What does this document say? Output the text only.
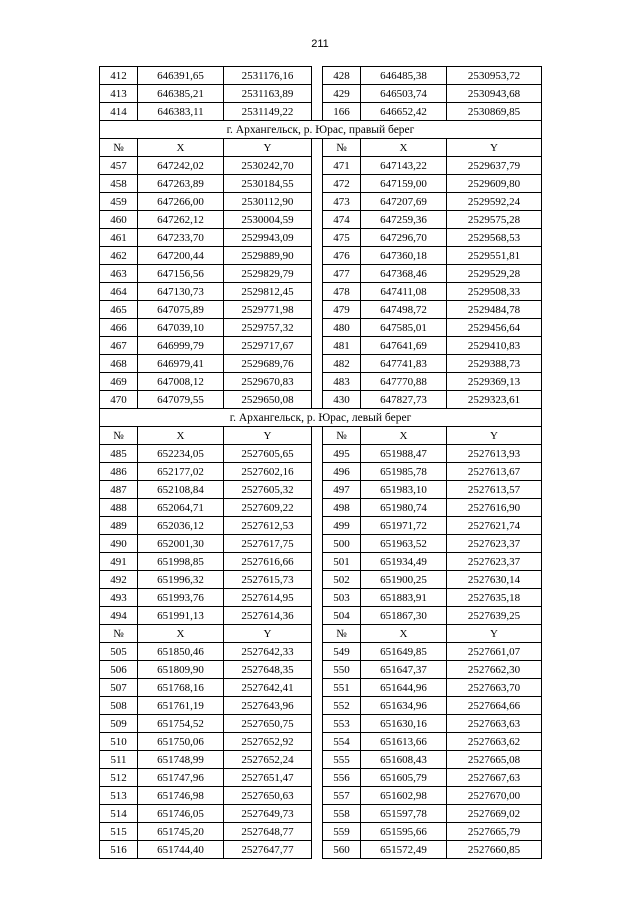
211
412	646391,65	2531176,16		428	646485,38	2530953,72
413	646385,21	2531163,89		429	646503,74	2530943,68
414	646383,11	2531149,22		166	646652,42	2530869,85
г. Архангельск, р. Юрас, правый берег						
№	X	Y		№	X	Y
457	647242,02	2530242,70		471	647143,22	2529637,79
458	647263,89	2530184,55		472	647159,00	2529609,80
459	647266,00	2530112,90		473	647207,69	2529592,24
460	647262,12	2530004,59		474	647259,36	2529575,28
461	647233,70	2529943,09		475	647296,70	2529568,53
462	647200,44	2529889,90		476	647360,18	2529551,81
463	647156,56	2529829,79		477	647368,46	2529529,28
464	647130,73	2529812,45		478	647411,08	2529508,33
465	647075,89	2529771,98		479	647498,72	2529484,78
466	647039,10	2529757,32		480	647585,01	2529456,64
467	646999,79	2529717,67		481	647641,69	2529410,83
468	646979,41	2529689,76		482	647741,83	2529388,73
469	647008,12	2529670,83		483	647770,88	2529369,13
470	647079,55	2529650,08		430	647827,73	2529323,61
г. Архангельск, р. Юрас, левый берег						
№	X	Y		№	X	Y
485	652234,05	2527605,65		495	651988,47	2527613,93
486	652177,02	2527602,16		496	651985,78	2527613,67
487	652108,84	2527605,32		497	651983,10	2527613,57
488	652064,71	2527609,22		498	651980,74	2527616,90
489	652036,12	2527612,53		499	651971,72	2527621,74
490	652001,30	2527617,75		500	651963,52	2527623,37
491	651998,85	2527616,66		501	651934,49	2527623,37
492	651996,32	2527615,73		502	651900,25	2527630,14
493	651993,76	2527614,95		503	651883,91	2527635,18
494	651991,13	2527614,36		504	651867,30	2527639,25
№	X	Y		№	X	Y
505	651850,46	2527642,33		549	651649,85	2527661,07
506	651809,90	2527648,35		550	651647,37	2527662,30
507	651768,16	2527642,41		551	651644,96	2527663,70
508	651761,19	2527643,96		552	651634,96	2527664,66
509	651754,52	2527650,75		553	651630,16	2527663,63
510	651750,06	2527652,92		554	651613,66	2527663,62
511	651748,99	2527652,24		555	651608,43	2527665,08
512	651747,96	2527651,47		556	651605,79	2527667,63
513	651746,98	2527650,63		557	651602,98	2527670,00
514	651746,05	2527649,73		558	651597,78	2527669,02
515	651745,20	2527648,77		559	651595,66	2527665,79
516	651744,40	2527647,77		560	651572,49	2527660,85
